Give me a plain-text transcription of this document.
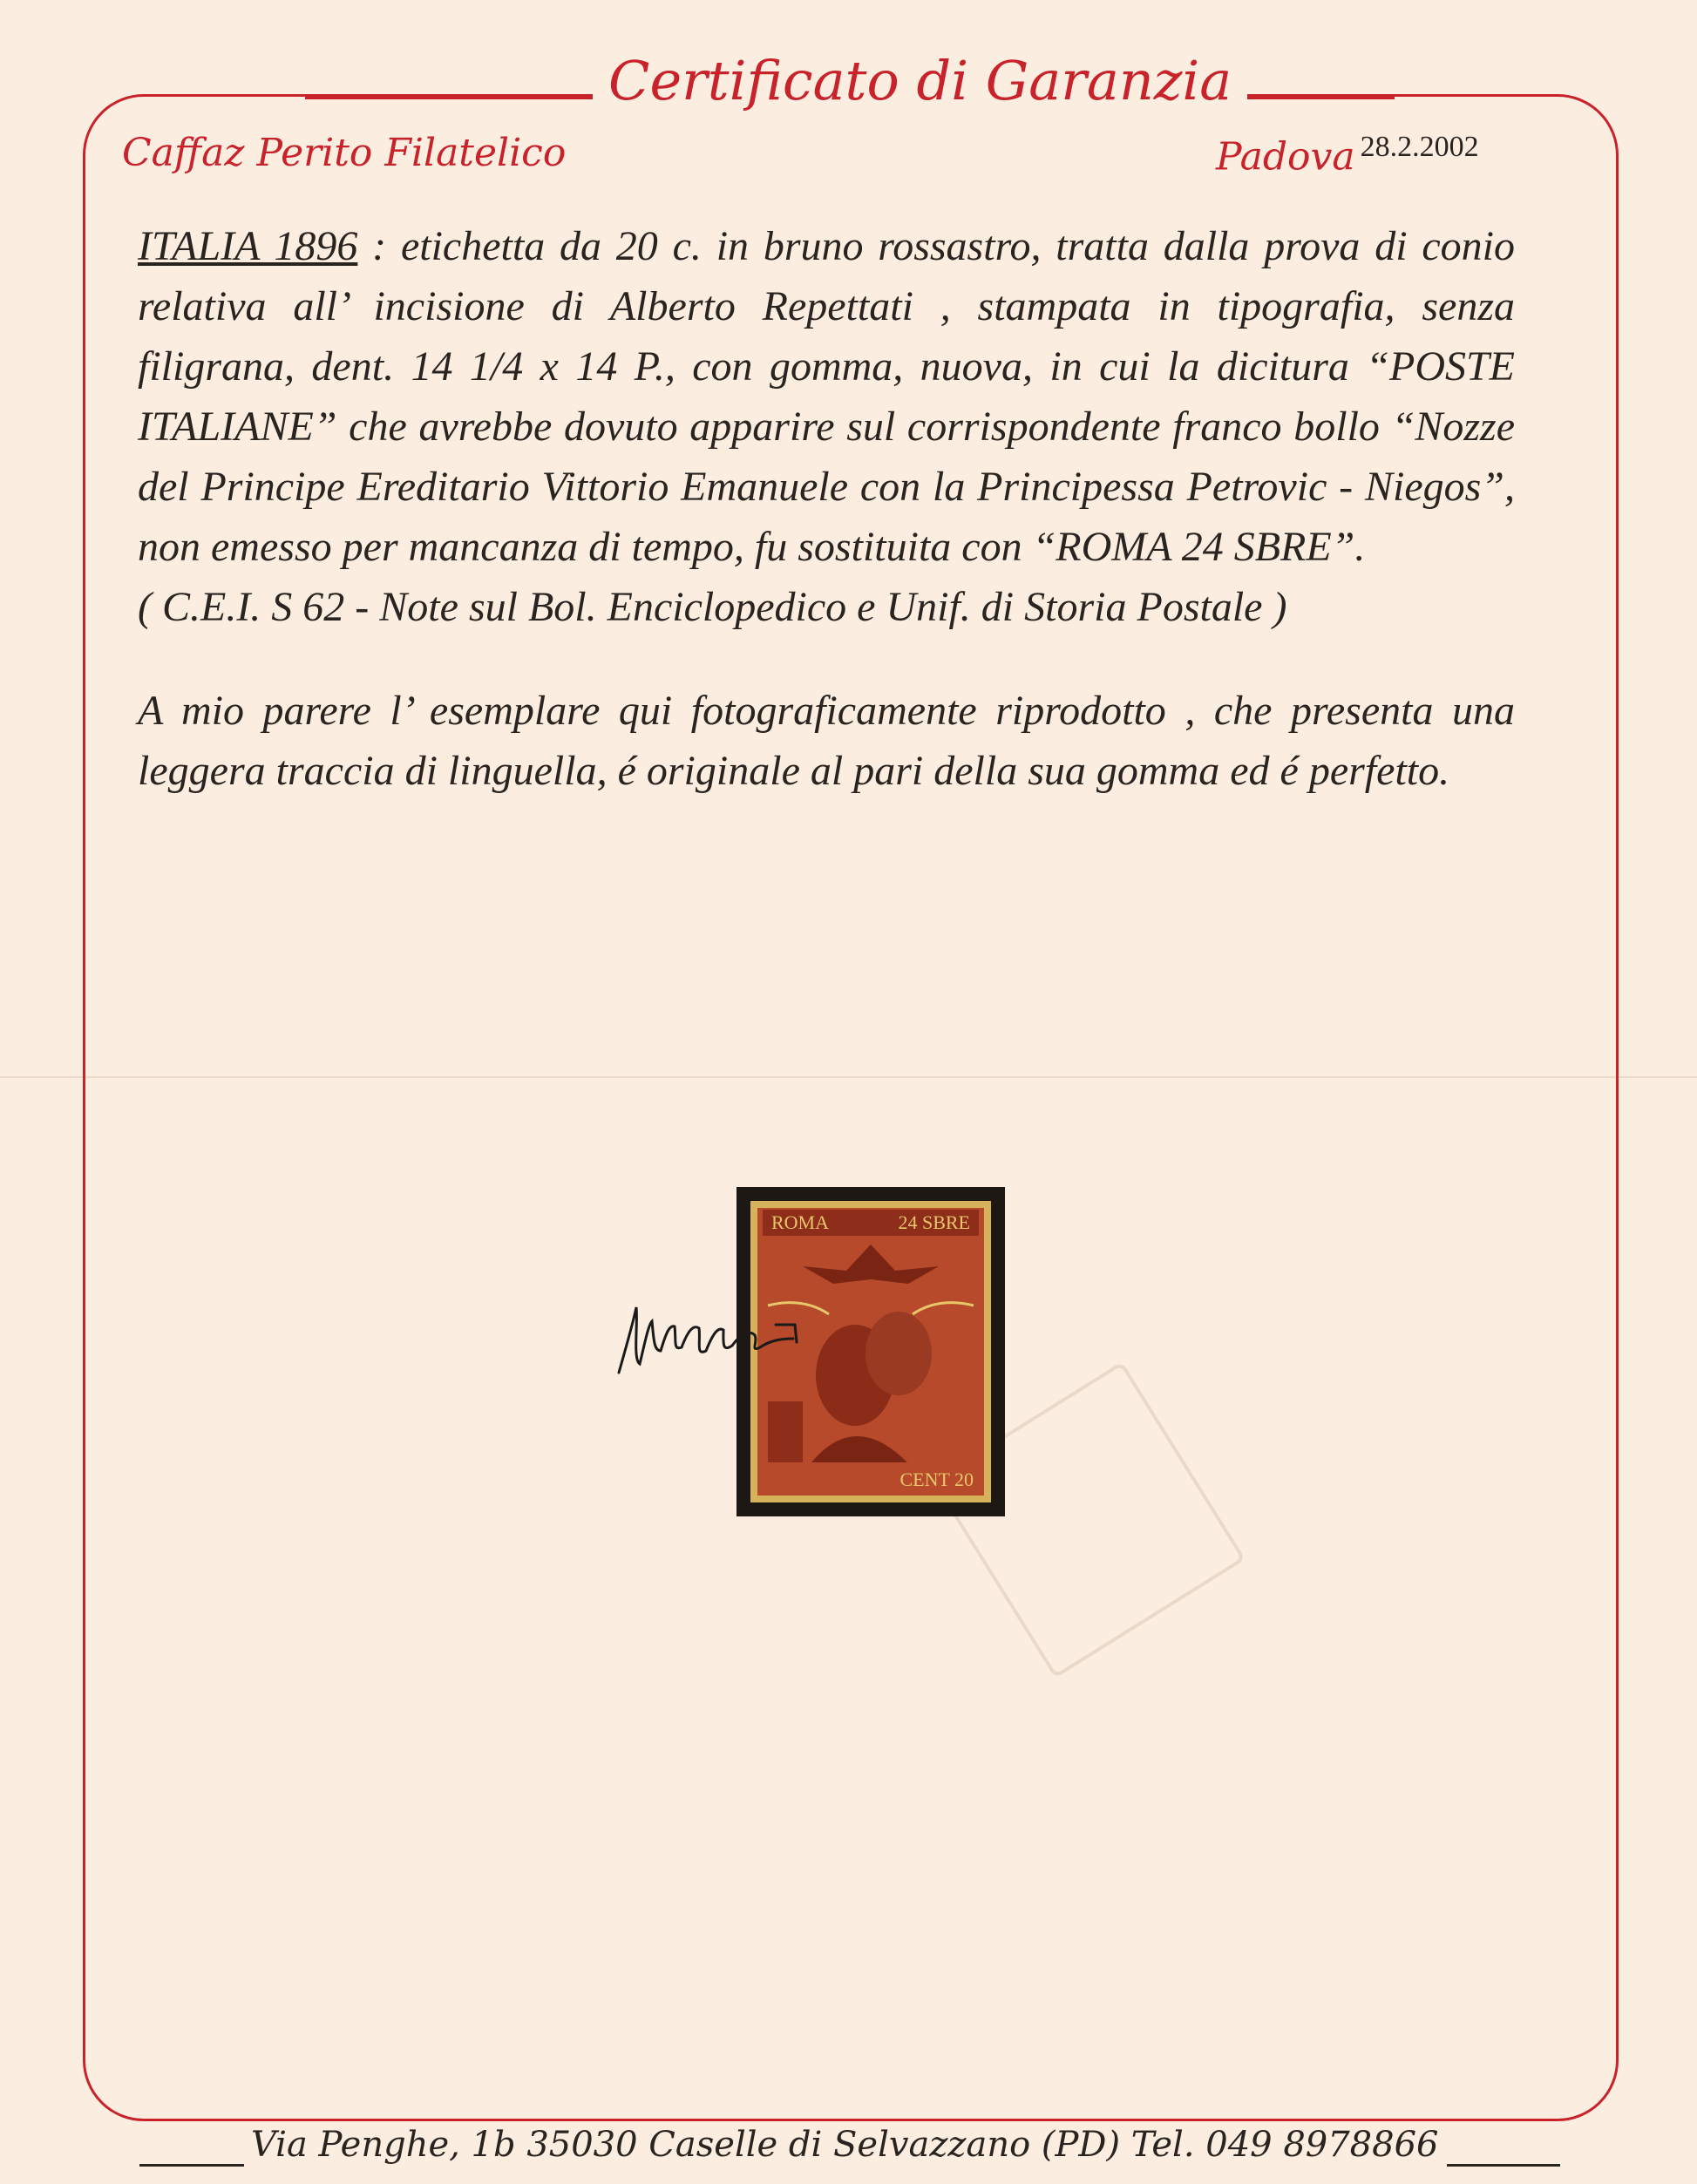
Certificato di Garanzia
Caffaz Perito Filatelico	Padova $^{28.2.2002}$

ITALIA 1896 : etichetta da 20 c. in bruno rossastro, tratta dalla prova di conio relativa all’ incisione di Alberto Repettati , stampata in tipografia, senza filigrana, dent. 14 1/4 x 14 P., con gomma, nuova, in cui la dicitura “POSTE ITALIANE” che avrebbe dovuto apparire sul corrispondente franco bollo “Nozze del Principe Ereditario Vittorio Emanuele con la Principessa Petrovic - Niegos”, non emesso per mancanza di tempo, fu sostituita con “ROMA 24 SBRE”.

( C.E.I. S 62 - Note sul Bol. Enciclopedico e Unif. di Storia Postale )

A mio parere l’ esemplare qui fotograficamente riprodotto , che presenta una leggera traccia di linguella, é originale al pari della sua gomma ed é perfetto.

ROMA	24 SBRE
CENT 20
Via Penghe, 1b 35030 Caselle di Selvazzano (PD) Tel. 049 8978866
